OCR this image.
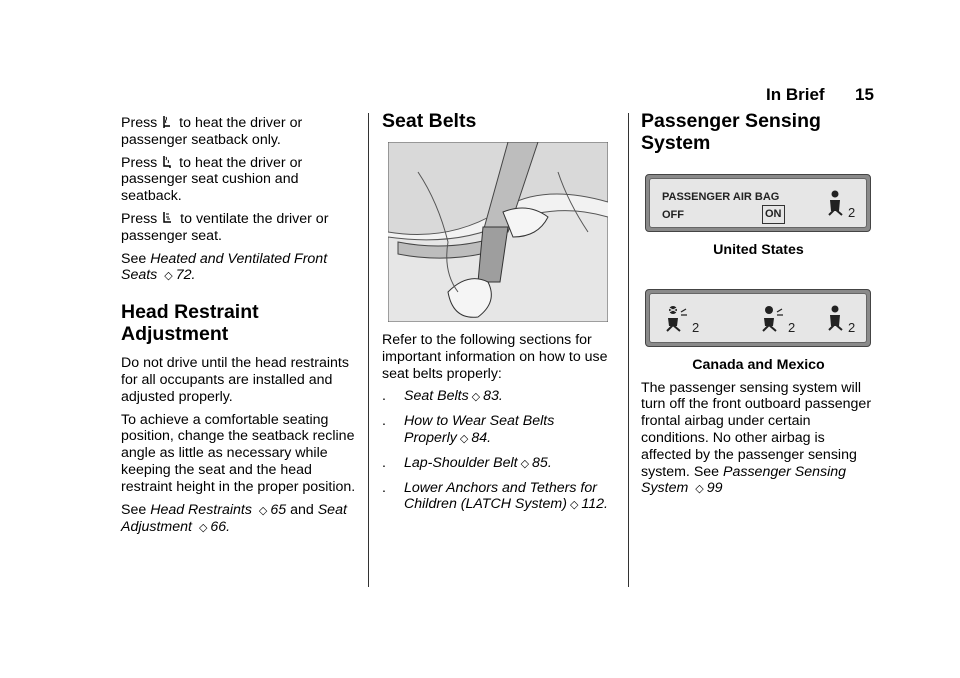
In Brief 15

Press to heat the driver or passenger seatback only.

Press to heat the driver or passenger seat cushion and seatback.

Press to ventilate the driver or passenger seat.

See Heated and Ventilated Front Seats ◇ 72.

Head Restraint Adjustment

Do not drive until the head restraints for all occupants are installed and adjusted properly.

To achieve a comfortable seating position, change the seatback recline angle as little as necessary while keeping the seat and the head restraint height in the proper position.

See Head Restraints ◇ 65 and Seat Adjustment ◇ 66.

Seat Belts

Refer to the following sections for important information on how to use seat belts properly:

.	Seat Belts ◇ 83.
.	How to Wear Seat Belts Properly ◇ 84.
.	Lap-Shoulder Belt ◇ 85.
.	Lower Anchors and Tethers for Children (LATCH System) ◇ 112.
Passenger Sensing System
PASSENGER AIR BAG
OFF	ON	2
United States
2	2	2
Canada and Mexico

The passenger sensing system will turn off the front outboard passenger frontal airbag under certain conditions. No other airbag is affected by the passenger sensing system. See Passenger Sensing System ◇ 99
